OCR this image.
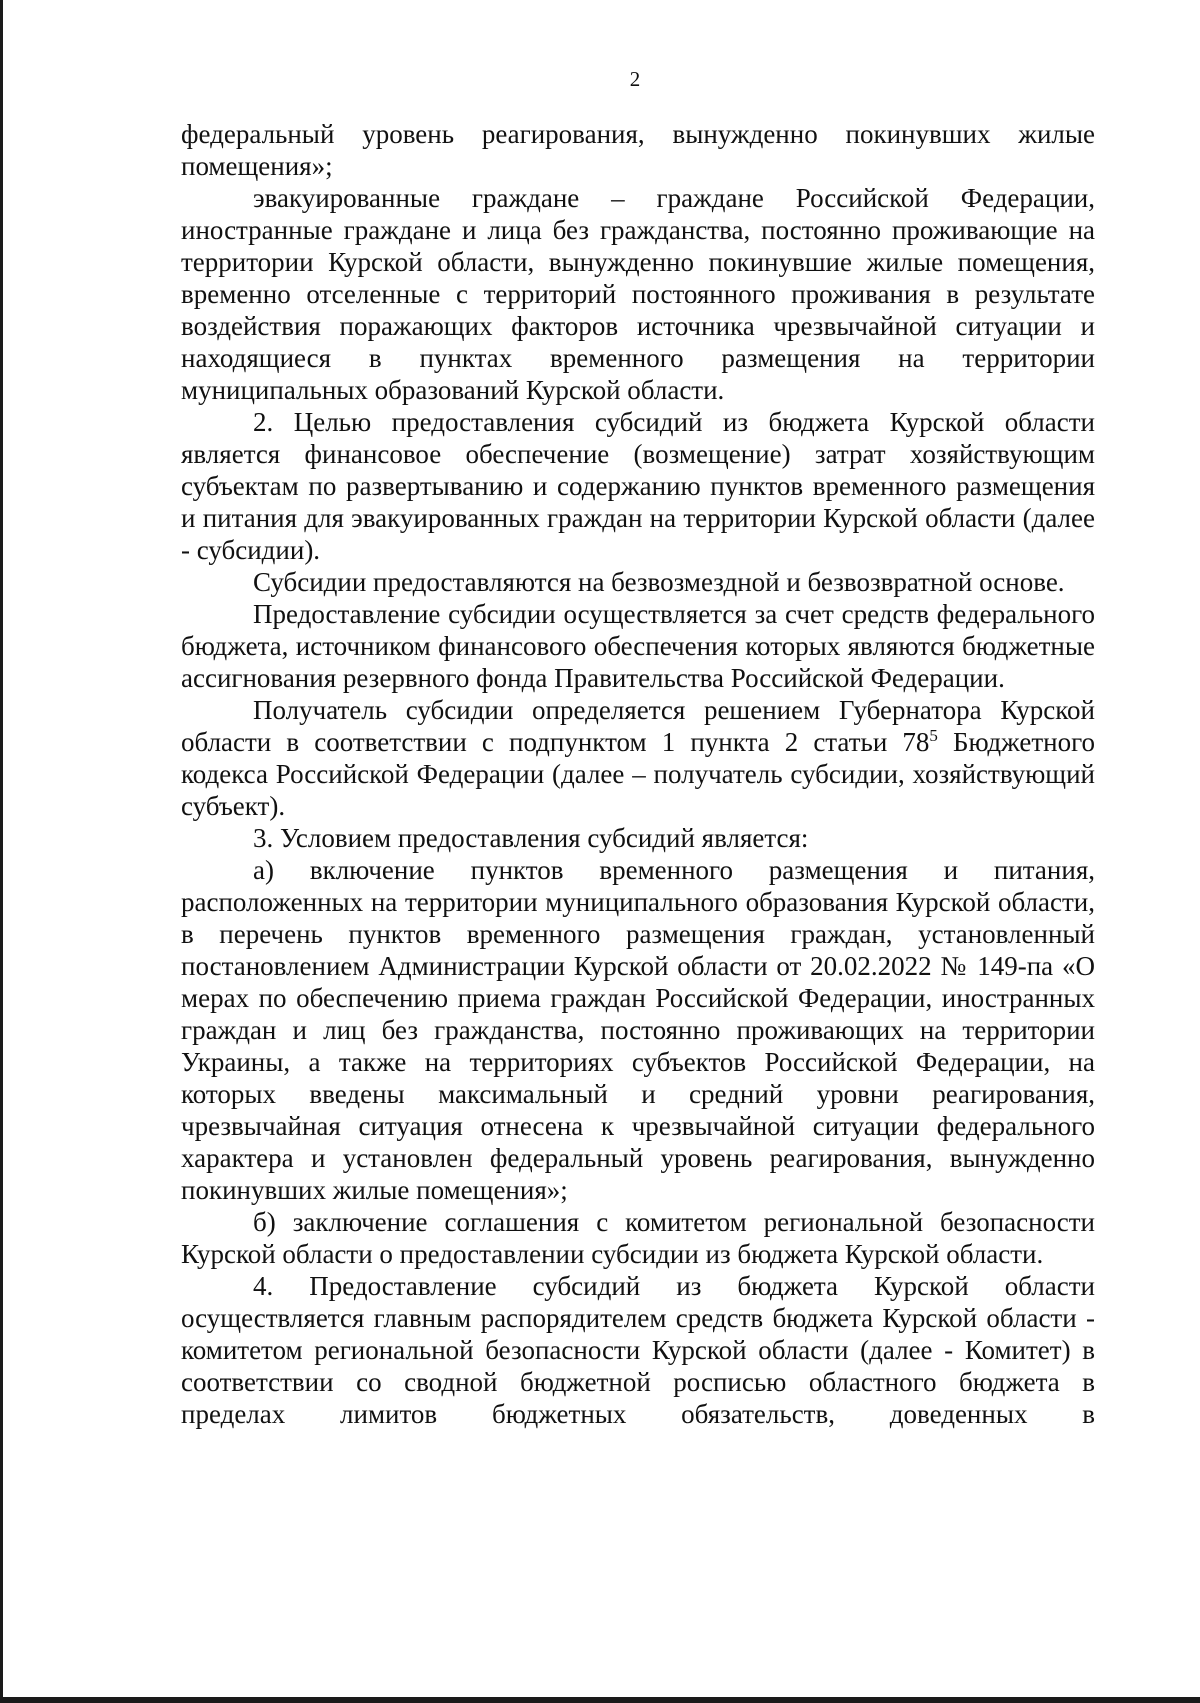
2

федеральный уровень реагирования, вынужденно покинувших жилые помещения»;

эвакуированные граждане – граждане Российской Федерации, иностранные граждане и лица без гражданства, постоянно проживающие на территории Курской области, вынужденно покинувшие жилые помещения, временно отселенные с территорий постоянного проживания в результате воздействия поражающих факторов источника чрезвычайной ситуации и находящиеся в пунктах временного размещения на территории муниципальных образований Курской области.

2. Целью предоставления субсидий из бюджета Курской области является финансовое обеспечение (возмещение) затрат хозяйствующим субъектам по развертыванию и содержанию пунктов временного размещения и питания для эвакуированных граждан на территории Курской области (далее - субсидии).

Субсидии предоставляются на безвозмездной и безвозвратной основе.

Предоставление субсидии осуществляется за счет средств федерального бюджета, источником финансового обеспечения которых являются бюджетные ассигнования резервного фонда Правительства Российской Федерации.

Получатель субсидии определяется решением Губернатора Курской области в соответствии с подпунктом 1 пункта 2 статьи $78^5$ Бюджетного кодекса Российской Федерации (далее – получатель субсидии, хозяйствующий субъект).

3. Условием предоставления субсидий является:

а) включение пунктов временного размещения и питания, расположенных на территории муниципального образования Курской области, в перечень пунктов временного размещения граждан, установленный постановлением Администрации Курской области от 20.02.2022 № 149-па «О мерах по обеспечению приема граждан Российской Федерации, иностранных граждан и лиц без гражданства, постоянно проживающих на территории Украины, а также на территориях субъектов Российской Федерации, на которых введены максимальный и средний уровни реагирования, чрезвычайная ситуация отнесена к чрезвычайной ситуации федерального характера и установлен федеральный уровень реагирования, вынужденно покинувших жилые помещения»;

б) заключение соглашения с комитетом региональной безопасности Курской области о предоставлении субсидии из бюджета Курской области.

4. Предоставление субсидий из бюджета Курской области осуществляется главным распорядителем средств бюджета Курской области - комитетом региональной безопасности Курской области (далее - Комитет) в соответствии со сводной бюджетной росписью областного бюджета в пределах лимитов бюджетных обязательств, доведенных в
